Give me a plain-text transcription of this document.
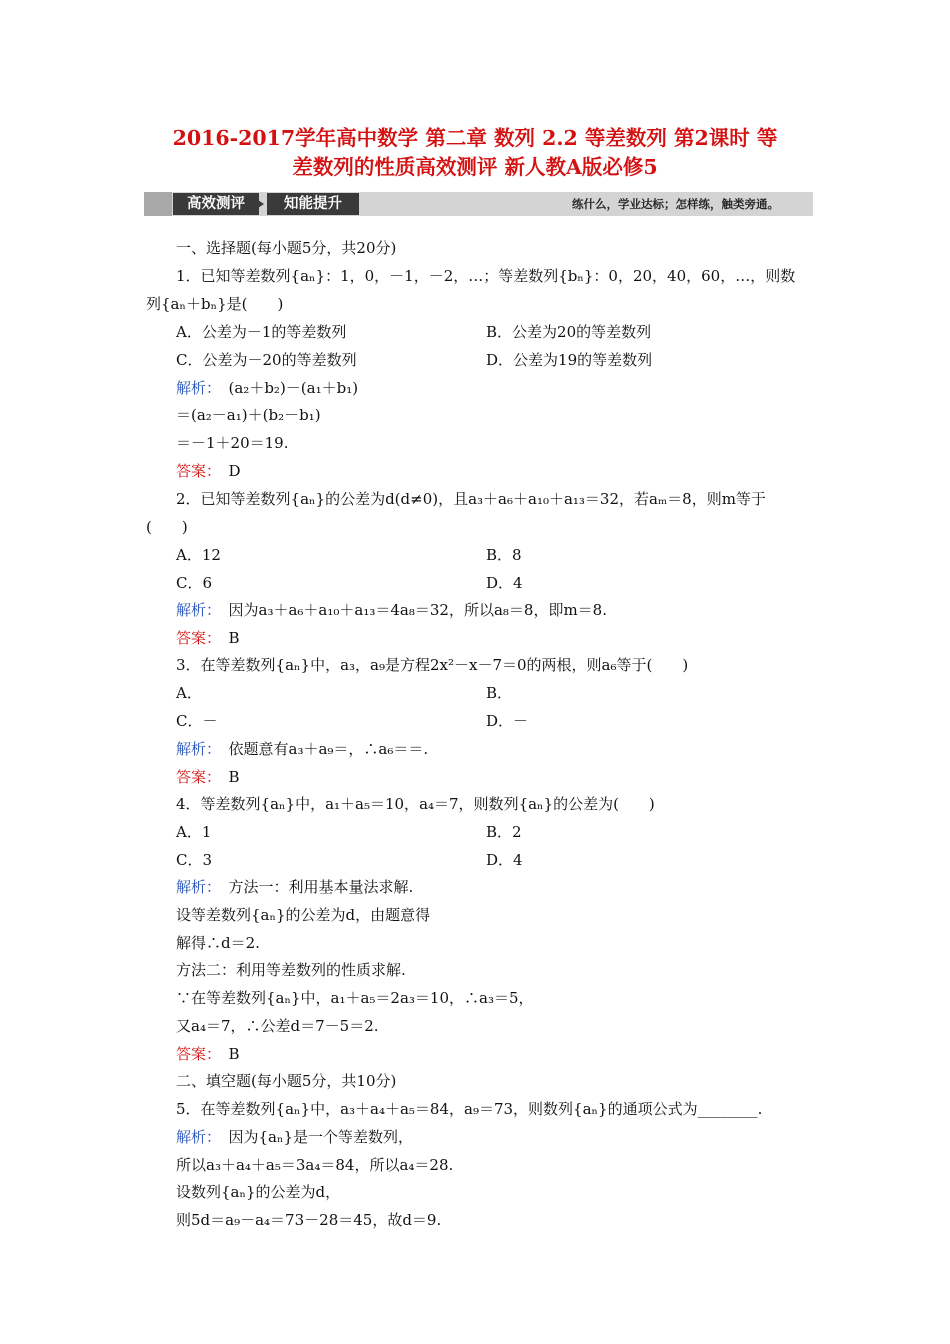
2016-2017学年高中数学 第二章 数列 2.2 等差数列 第2课时 等
差数列的性质高效测评 新人教A版必修5
高效测评	知能提升	练什么，学业达标；怎样练，触类旁通。
一、选择题(每小题5分，共20分)
1．已知等差数列{aₙ}：1，0，－1，－2，…；等差数列{bₙ}：0，20，40，60，…，则数
列{aₙ＋bₙ}是(　　)
A．公差为－1的等差数列	B．公差为20的等差数列
C．公差为－20的等差数列	D．公差为19的等差数列
解析：　(a₂＋b₂)－(a₁＋b₁)
＝(a₂－a₁)＋(b₂－b₁)
＝－1＋20＝19.
答案：　D
2．已知等差数列{aₙ}的公差为d(d≠0)，且a₃＋a₆＋a₁₀＋a₁₃＝32，若aₘ＝8，则m等于
(　　)
A．12	B．8
C．6	D．4
解析：　因为a₃＋a₆＋a₁₀＋a₁₃＝4a₈＝32，所以a₈＝8，即m＝8.
答案：　B
3．在等差数列{aₙ}中，a₃，a₉是方程2x²－x－7＝0的两根，则a₆等于(　　)
A．	B．
C．－	D．－
解析：　依题意有a₃＋a₉＝，∴a₆＝＝.
答案：　B
4．等差数列{aₙ}中，a₁＋a₅＝10，a₄＝7，则数列{aₙ}的公差为(　　)
A．1	B．2
C．3	D．4
解析：　方法一：利用基本量法求解.
设等差数列{aₙ}的公差为d，由题意得
解得∴d＝2.
方法二：利用等差数列的性质求解.
∵在等差数列{aₙ}中，a₁＋a₅＝2a₃＝10，∴a₃＝5，
又a₄＝7，∴公差d＝7－5＝2.
答案：　B
二、填空题(每小题5分，共10分)
5．在等差数列{aₙ}中，a₃＋a₄＋a₅＝84，a₉＝73，则数列{aₙ}的通项公式为________.
解析：　因为{aₙ}是一个等差数列，
所以a₃＋a₄＋a₅＝3a₄＝84，所以a₄＝28.
设数列{aₙ}的公差为d，
则5d＝a₉－a₄＝73－28＝45，故d＝9.
